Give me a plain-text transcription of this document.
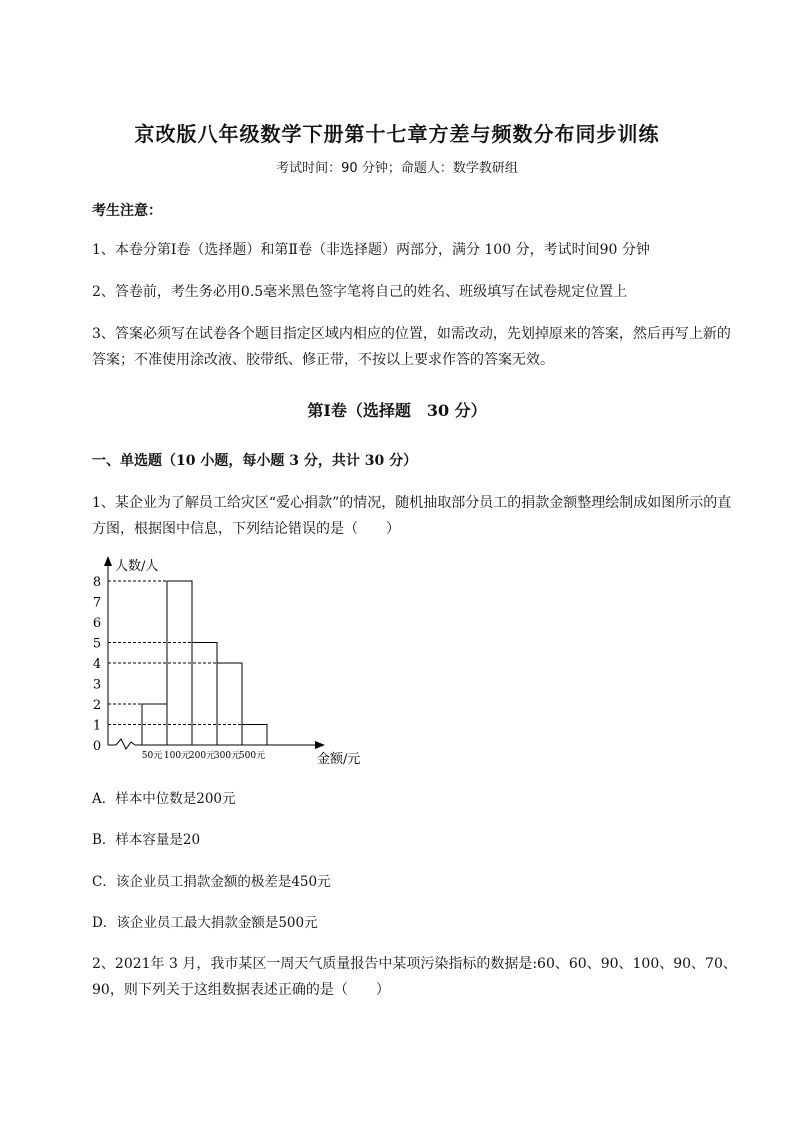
京改版八年级数学下册第十七章方差与频数分布同步训练
考试时间：90 分钟；命题人：数学教研组
考生注意：
1、本卷分第Ⅰ卷（选择题）和第Ⅱ卷（非选择题）两部分，满分 100 分，考试时间90 分钟
2、答卷前，考生务必用0.5毫米黑色签字笔将自己的姓名、班级填写在试卷规定位置上
3、答案必须写在试卷各个题目指定区域内相应的位置，如需改动，先划掉原来的答案，然后再写上新的答案；不准使用涂改液、胶带纸、修正带，不按以上要求作答的答案无效。
第Ⅰ卷（选择题　30 分）
一、单选题（10 小题，每小题 3 分，共计 30 分）
1、某企业为了解员工给灾区“爱心捐款”的情况，随机抽取部分员工的捐款金额整理绘制成如图所示的直方图，根据图中信息，下列结论错误的是（　　）
0
1
2
3
4
5
6
7
8
人数/人
金额/元
50元 100元
200元
300元
500元
A．样本中位数是200元
B．样本容量是20
C．该企业员工捐款金额的极差是450元
D．该企业员工最大捐款金额是500元
2、2021年 3 月，我市某区一周天气质量报告中某项污染指标的数据是:60、60、90、100、90、70、90，则下列关于这组数据表述正确的是（　　）
